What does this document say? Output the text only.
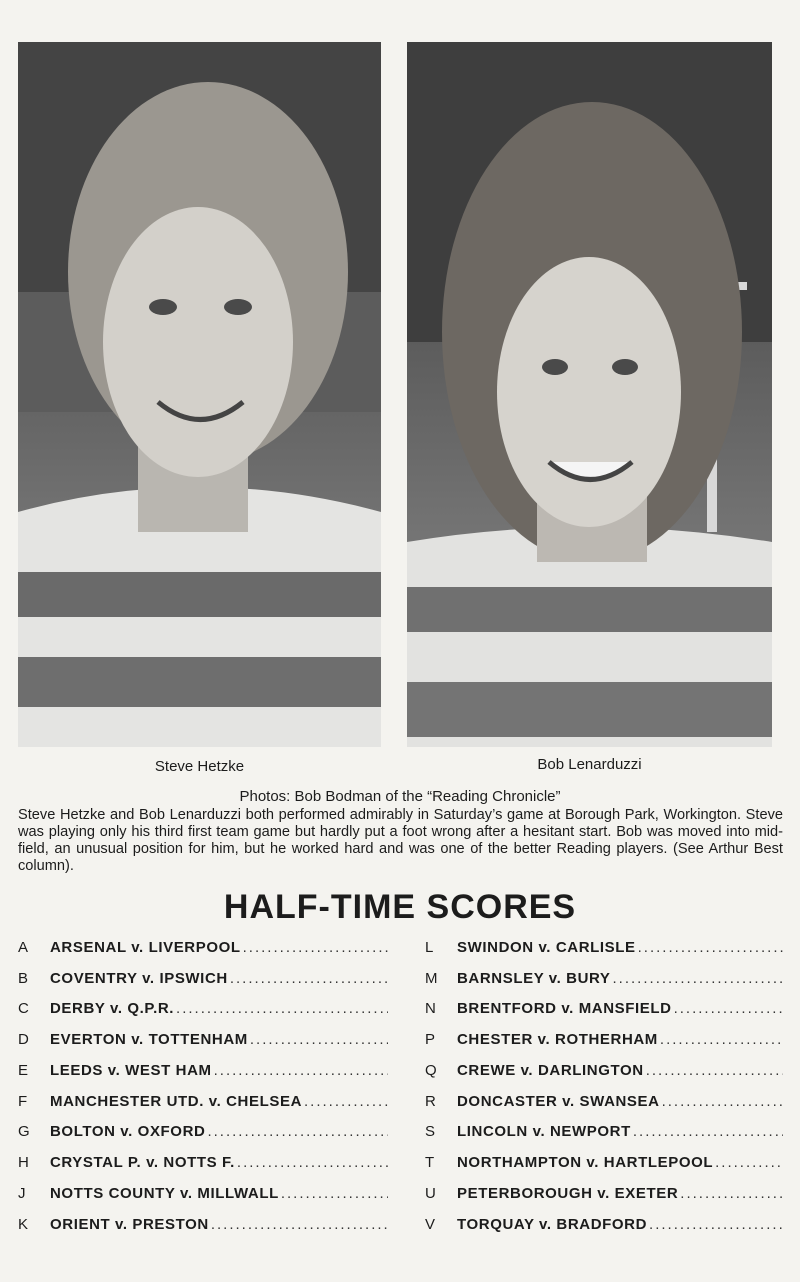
Steve Hetzke	Bob Lenarduzzi
Photos: Bob Bodman of the “Reading Chronicle”

Steve Hetzke and Bob Lenarduzzi both performed admirably in Saturday’s game at Borough Park, Workington. Steve was playing only his third first team game but hardly put a foot wrong after a hesitant start. Bob was moved into mid-field, an unusual position for him, but he worked hard and was one of the better Reading players. (See Arthur Best column).

HALF-TIME SCORES
A	ARSENAL v. LIVERPOOL
.....
B	COVENTRY v. IPSWICH
.....
C	DERBY v. Q.P.R.
.....
D	EVERTON v. TOTTENHAM
.....
E	LEEDS v. WEST HAM
.....
F	MANCHESTER UTD. v. CHELSEA
.....
G	BOLTON v. OXFORD
.....
H	CRYSTAL P. v. NOTTS F.
.....
J	NOTTS COUNTY v. MILLWALL
.....
K	ORIENT v. PRESTON
.....
L	SWINDON v. CARLISLE
.....
M	BARNSLEY v. BURY
.....
N	BRENTFORD v. MANSFIELD
.....
P	CHESTER v. ROTHERHAM
.....
Q	CREWE v. DARLINGTON
.....
R	DONCASTER v. SWANSEA
.....
S	LINCOLN v. NEWPORT
.....
T	NORTHAMPTON v. HARTLEPOOL
.....
U	PETERBOROUGH v. EXETER
.....
V	TORQUAY v. BRADFORD
.....
